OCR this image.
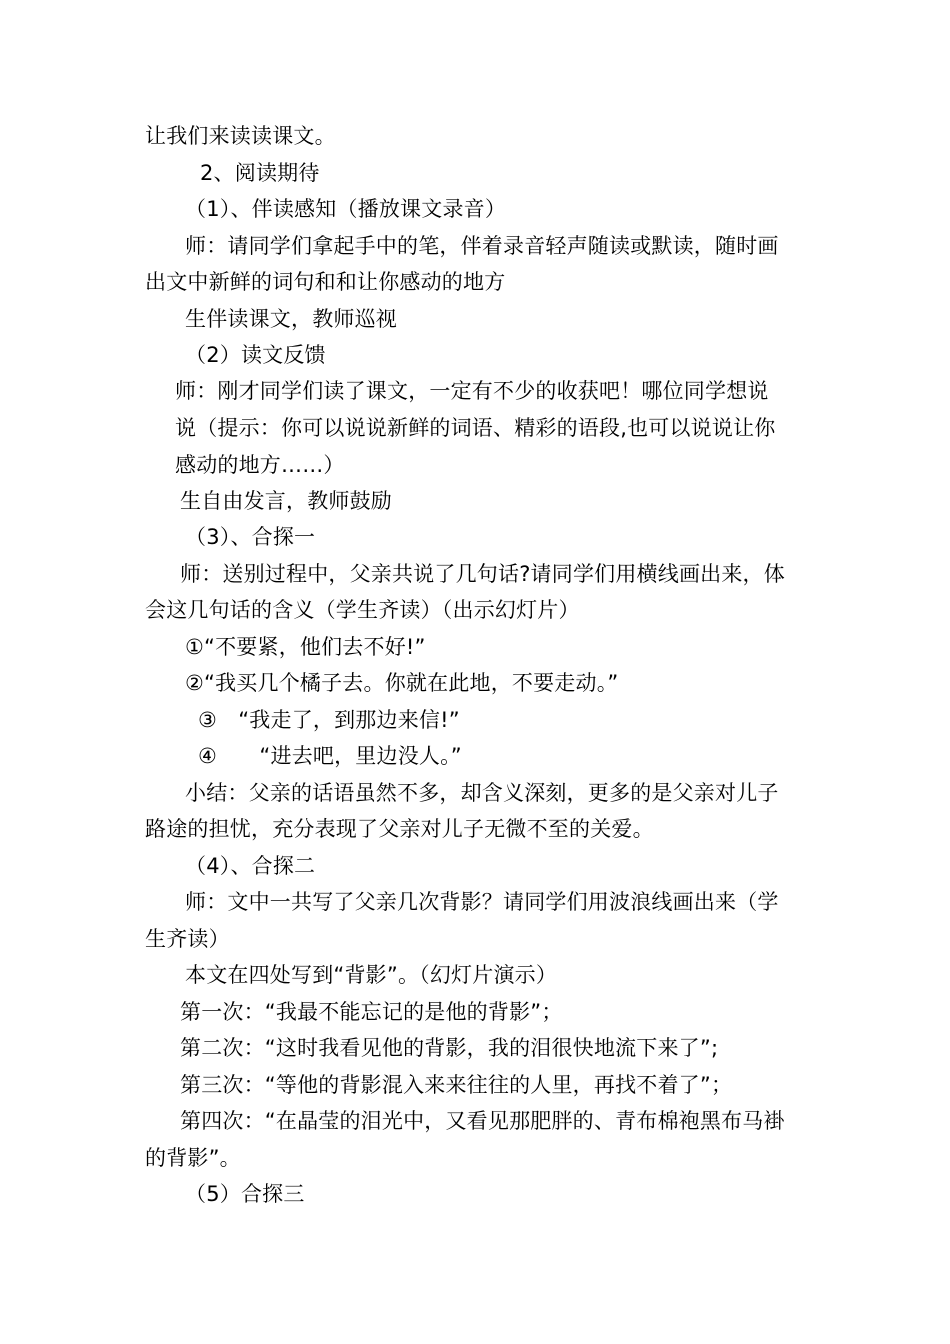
让我们来读读课文。
2、阅读期待
（1）、伴读感知（播放课文录音）
师：请同学们拿起手中的笔，伴着录音轻声随读或默读，随时画
出文中新鲜的词句和和让你感动的地方
生伴读课文，教师巡视
（2）读文反馈
师：刚才同学们读了课文，一定有不少的收获吧！哪位同学想说
说（提示：你可以说说新鲜的词语、精彩的语段,也可以说说让你
感动的地方……）
生自由发言，教师鼓励
（3）、合探一
师：送别过程中，父亲共说了几句话?请同学们用横线画出来，体
会这几句话的含义（学生齐读）（出示幻灯片）
①“不要紧，他们去不好!”
②“我买几个橘子去。你就在此地，不要走动。”
③　“我走了，到那边来信!”
④　　“进去吧，里边没人。”
小结：父亲的话语虽然不多，却含义深刻，更多的是父亲对儿子
路途的担忧，充分表现了父亲对儿子无微不至的关爱。
（4）、合探二
师：文中一共写了父亲几次背影？请同学们用波浪线画出来（学
生齐读）
本文在四处写到“背影”。（幻灯片演示）
第一次：“我最不能忘记的是他的背影”；
第二次：“这时我看见他的背影，我的泪很快地流下来了”;
第三次：“等他的背影混入来来往往的人里，再找不着了”；
第四次：“在晶莹的泪光中，又看见那肥胖的、青布棉袍黑布马褂
的背影”。
（5）合探三
